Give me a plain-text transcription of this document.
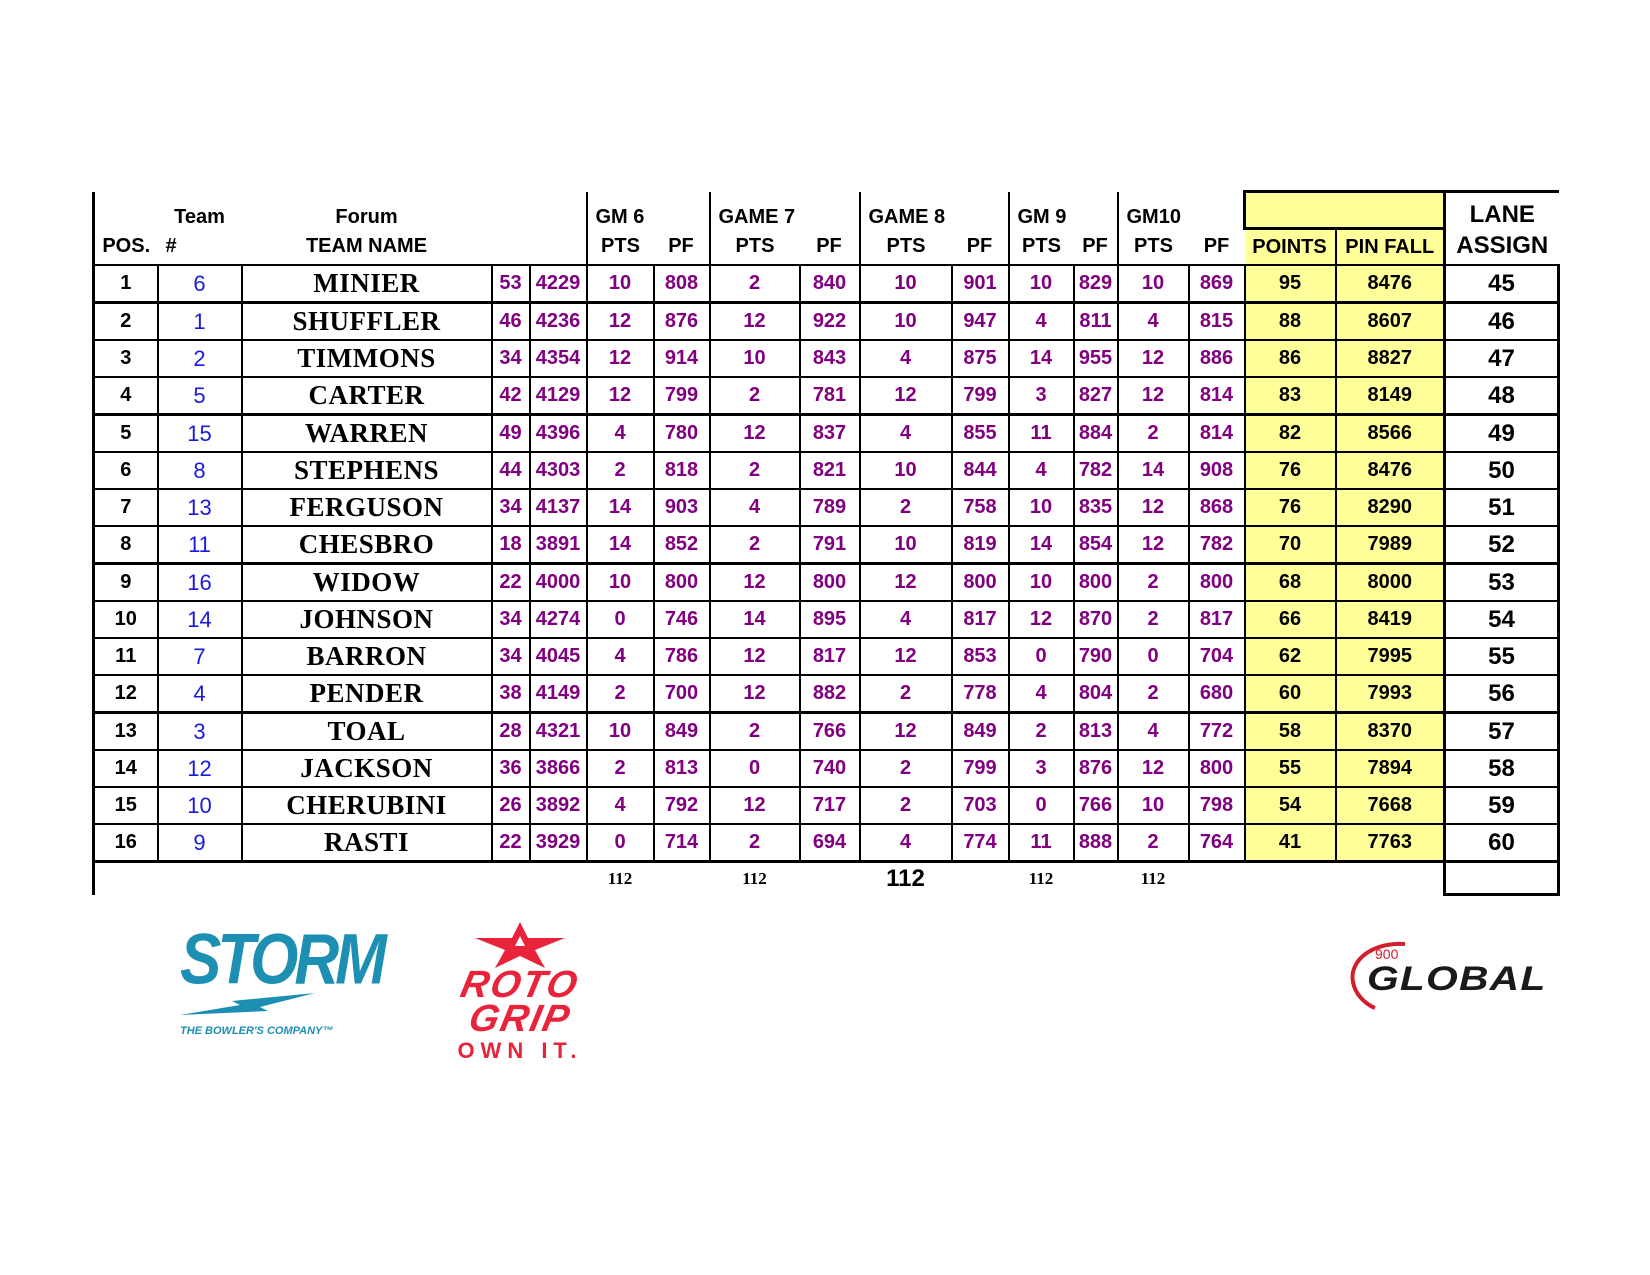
	Team	Forum			GM 6		GAME 7		GAME 8		GM 9		GM10				LANE
POS.	#	TEAM NAME			PTS	PF	PTS	PF	PTS	PF	PTS	PF	PTS	PF	POINTS	PIN FALL	ASSIGN
1	6	MINIER	53	4229	10	808	2	840	10	901	10	829	10	869	95	8476	45
2	1	SHUFFLER	46	4236	12	876	12	922	10	947	4	811	4	815	88	8607	46
3	2	TIMMONS	34	4354	12	914	10	843	4	875	14	955	12	886	86	8827	47
4	5	CARTER	42	4129	12	799	2	781	12	799	3	827	12	814	83	8149	48
5	15	WARREN	49	4396	4	780	12	837	4	855	11	884	2	814	82	8566	49
6	8	STEPHENS	44	4303	2	818	2	821	10	844	4	782	14	908	76	8476	50
7	13	FERGUSON	34	4137	14	903	4	789	2	758	10	835	12	868	76	8290	51
8	11	CHESBRO	18	3891	14	852	2	791	10	819	14	854	12	782	70	7989	52
9	16	WIDOW	22	4000	10	800	12	800	12	800	10	800	2	800	68	8000	53
10	14	JOHNSON	34	4274	0	746	14	895	4	817	12	870	2	817	66	8419	54
11	7	BARRON	34	4045	4	786	12	817	12	853	0	790	0	704	62	7995	55
12	4	PENDER	38	4149	2	700	12	882	2	778	4	804	2	680	60	7993	56
13	3	TOAL	28	4321	10	849	2	766	12	849	2	813	4	772	58	8370	57
14	12	JACKSON	36	3866	2	813	0	740	2	799	3	876	12	800	55	7894	58
15	10	CHERUBINI	26	3892	4	792	12	717	2	703	0	766	10	798	54	7668	59
16	9	RASTI	22	3929	0	714	2	694	4	774	11	888	2	764	41	7763	60
					112		112		112		112		112				
STORM
THE BOWLER'S COMPANY™
ROTO
GRIP
OWN IT.
900
GLOBAL
